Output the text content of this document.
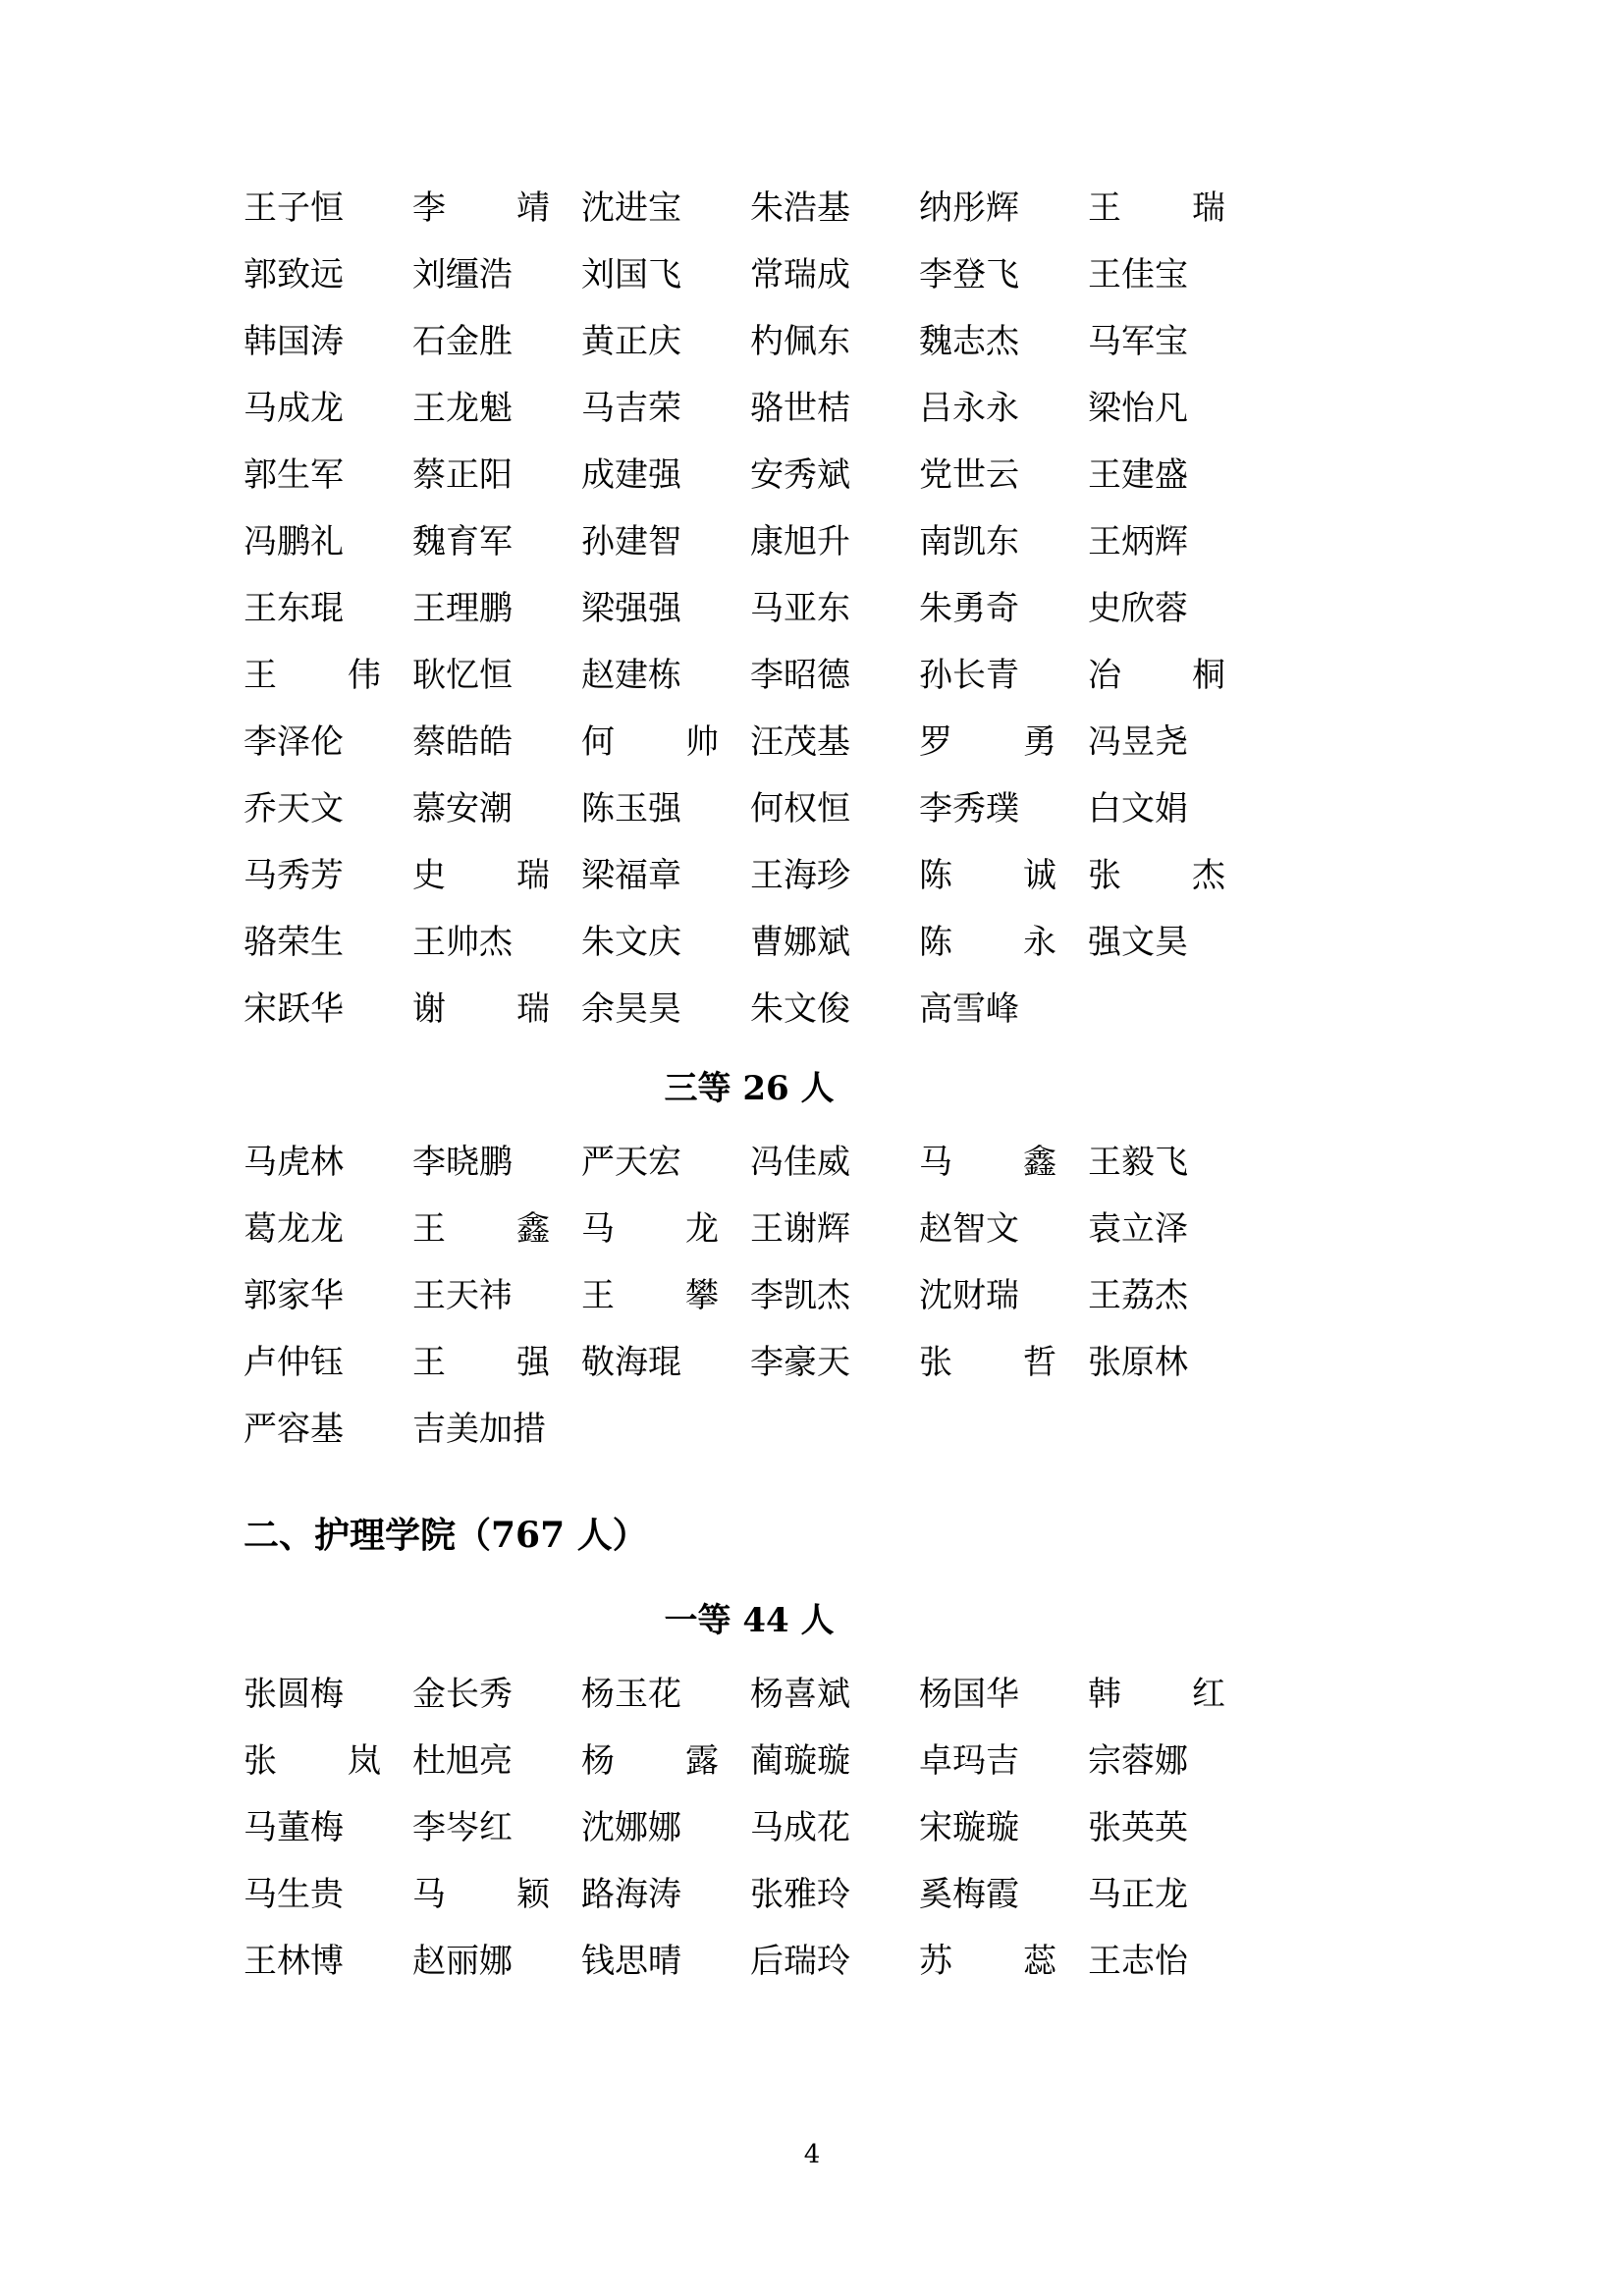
王子恒	李靖 沈进宝	朱浩基	纳彤辉	王瑞
郭致远	刘缰浩	刘国飞	常瑞成	李登飞	王佳宝
韩国涛	石金胜	黄正庆	杓佩东	魏志杰	马军宝
马成龙	王龙魁	马吉荣	骆世桔	吕永永	梁怡凡
郭生军	蔡正阳	成建强	安秀斌	党世云	王建盛
冯鹏礼	魏育军	孙建智	康旭升	南凯东	王炳辉
王东琨	王理鹏	梁强强	马亚东	朱勇奇	史欣蓉
王伟 耿忆恒	赵建栋	李昭德	孙长青	冶桐
李泽伦	蔡皓皓	何帅 汪茂基	罗勇 冯昱尧
乔天文	慕安潮	陈玉强	何权恒	李秀璞	白文娟
马秀芳	史瑞 梁福章	王海珍	陈诚 张杰
骆荣生	王帅杰	朱文庆	曹娜斌	陈永 强文昊
宋跃华	谢瑞 余昊昊	朱文俊	高雪峰
三等 26 人
马虎林	李晓鹏	严天宏	冯佳威	马鑫 王毅飞
葛龙龙	王鑫 马龙 王谢辉	赵智文	袁立泽
郭家华	王天祎	王攀 李凯杰	沈财瑞	王荔杰
卢仲钰	王强 敬海琨	李豪天	张哲 张原林
严容基	吉美加措
二、护理学院（767 人）
一等 44 人
张圆梅	金长秀	杨玉花	杨喜斌	杨国华	韩红
张岚 杜旭亮	杨露 蔺璇璇	卓玛吉	宗蓉娜
马董梅	李岑红	沈娜娜	马成花	宋璇璇	张英英
马生贵	马颖 路海涛	张雅玲	奚梅霞	马正龙
王林博	赵丽娜	钱思晴	后瑞玲	苏蕊 王志怡
4
